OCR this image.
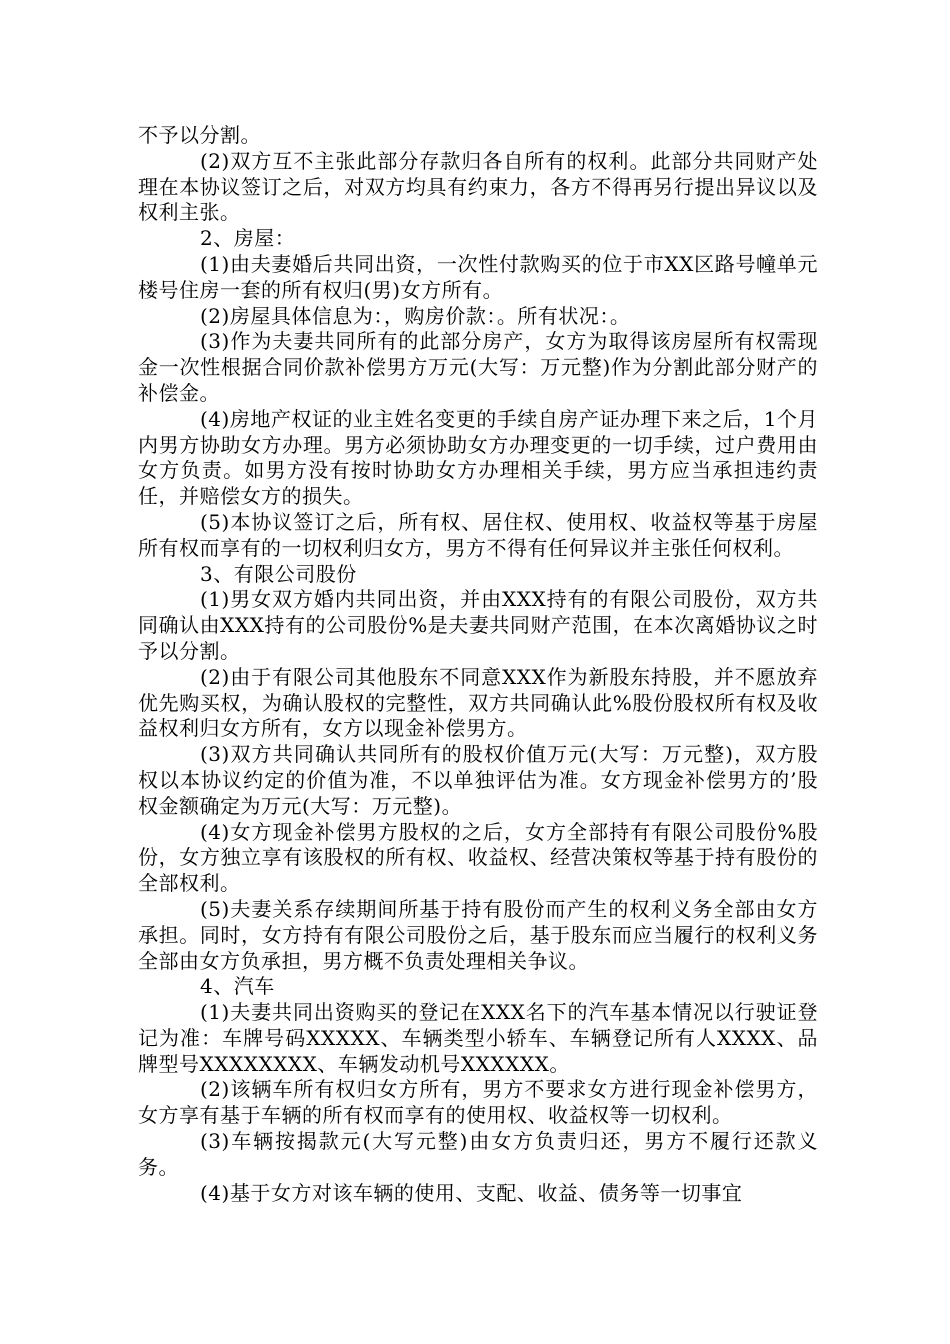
不予以分割。

(2)双方互不主张此部分存款归各自所有的权利。此部分共同财产处理在本协议签订之后，对双方均具有约束力，各方不得再另行提出异议以及权利主张。

2、房屋：

(1)由夫妻婚后共同出资，一次性付款购买的位于市XX区路号幢单元楼号住房一套的所有权归(男)女方所有。

(2)房屋具体信息为：，购房价款：。所有状况：。

(3)作为夫妻共同所有的此部分房产，女方为取得该房屋所有权需现金一次性根据合同价款补偿男方万元(大写：万元整)作为分割此部分财产的补偿金。

(4)房地产权证的业主姓名变更的手续自房产证办理下来之后，1个月内男方协助女方办理。男方必须协助女方办理变更的一切手续，过户费用由女方负责。如男方没有按时协助女方办理相关手续，男方应当承担违约责任，并赔偿女方的损失。

(5)本协议签订之后，所有权、居住权、使用权、收益权等基于房屋所有权而享有的一切权利归女方，男方不得有任何异议并主张任何权利。

3、有限公司股份

(1)男女双方婚内共同出资，并由XXX持有的有限公司股份，双方共同确认由XXX持有的公司股份%是夫妻共同财产范围，在本次离婚协议之时予以分割。

(2)由于有限公司其他股东不同意XXX作为新股东持股，并不愿放弃优先购买权，为确认股权的完整性，双方共同确认此%股份股权所有权及收益权利归女方所有，女方以现金补偿男方。

(3)双方共同确认共同所有的股权价值万元(大写：万元整)，双方股权以本协议约定的价值为准，不以单独评估为准。女方现金补偿男方的’股权金额确定为万元(大写：万元整)。

(4)女方现金补偿男方股权的之后，女方全部持有有限公司股份%股份，女方独立享有该股权的所有权、收益权、经营决策权等基于持有股份的全部权利。

(5)夫妻关系存续期间所基于持有股份而产生的权利义务全部由女方承担。同时，女方持有有限公司股份之后，基于股东而应当履行的权利义务全部由女方负承担，男方概不负责处理相关争议。

4、汽车

(1)夫妻共同出资购买的登记在XXX名下的汽车基本情况以行驶证登记为准：车牌号码XXXXX、车辆类型小轿车、车辆登记所有人XXXX、品牌型号XXXXXXXX、车辆发动机号XXXXXX。

(2)该辆车所有权归女方所有，男方不要求女方进行现金补偿男方，女方享有基于车辆的所有权而享有的使用权、收益权等一切权利。

(3)车辆按揭款元(大写元整)由女方负责归还，男方不履行还款义务。

(4)基于女方对该车辆的使用、支配、收益、债务等一切事宜
